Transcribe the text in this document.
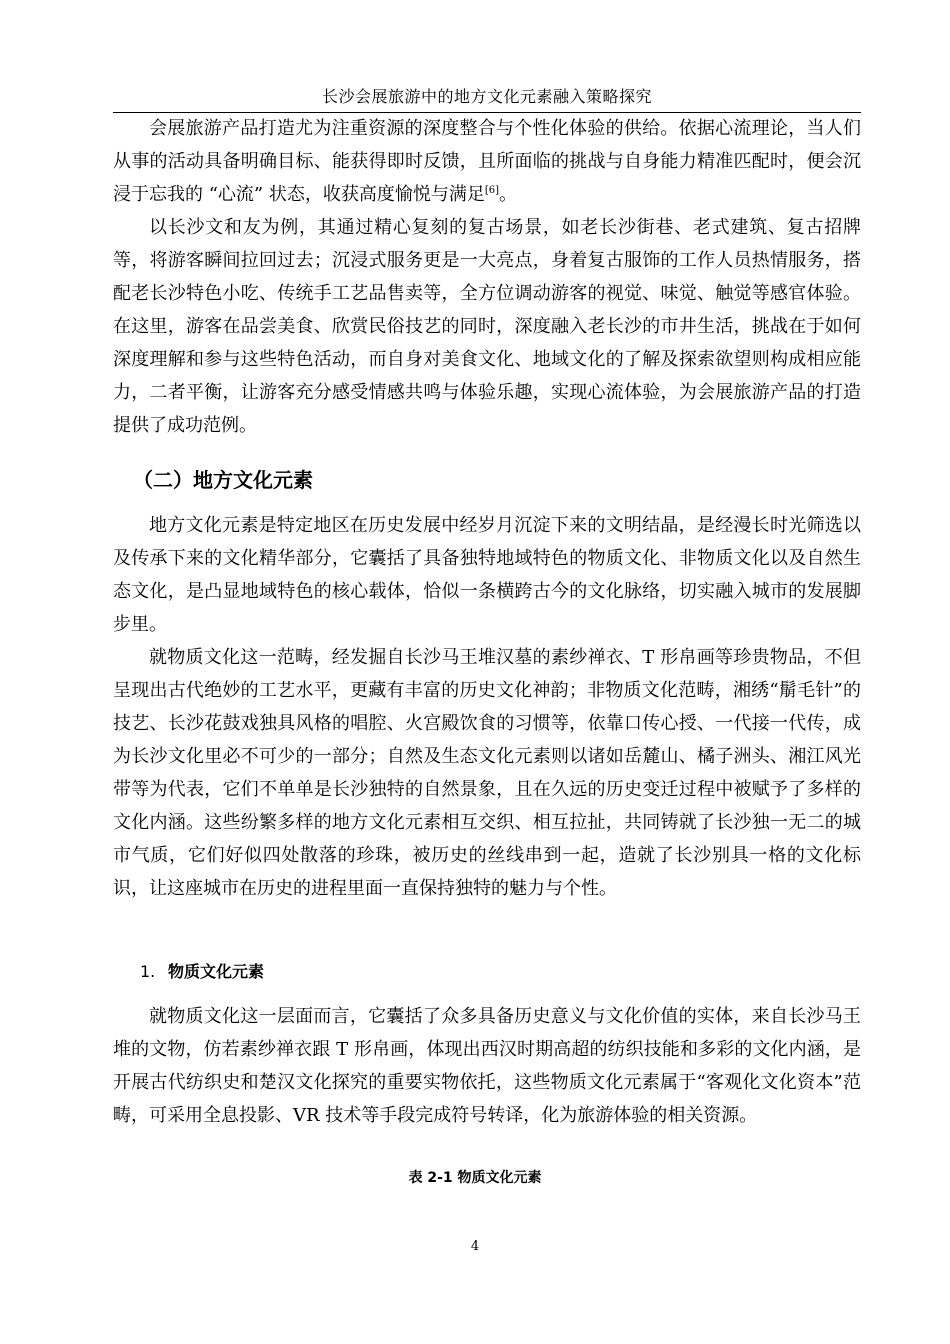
长沙会展旅游中的地方文化元素融入策略探究

会展旅游产品打造尤为注重资源的深度整合与个性化体验的供给。依据心流理论，当人们从事的活动具备明确目标、能获得即时反馈，且所面临的挑战与自身能力精准匹配时，便会沉浸于忘我的 “心流” 状态，收获高度愉悦与满足[6]。

以长沙文和友为例，其通过精心复刻的复古场景，如老长沙街巷、老式建筑、复古招牌等，将游客瞬间拉回过去；沉浸式服务更是一大亮点，身着复古服饰的工作人员热情服务，搭配老长沙特色小吃、传统手工艺品售卖等，全方位调动游客的视觉、味觉、触觉等感官体验。在这里，游客在品尝美食、欣赏民俗技艺的同时，深度融入老长沙的市井生活，挑战在于如何深度理解和参与这些特色活动，而自身对美食文化、地域文化的了解及探索欲望则构成相应能力，二者平衡，让游客充分感受情感共鸣与体验乐趣，实现心流体验，为会展旅游产品的打造提供了成功范例。

（二）地方文化元素

地方文化元素是特定地区在历史发展中经岁月沉淀下来的文明结晶，是经漫长时光筛选以及传承下来的文化精华部分，它囊括了具备独特地域特色的物质文化、非物质文化以及自然生态文化，是凸显地域特色的核心载体，恰似一条横跨古今的文化脉络，切实融入城市的发展脚步里。

就物质文化这一范畴，经发掘自长沙马王堆汉墓的素纱禅衣、T 形帛画等珍贵物品，不但呈现出古代绝妙的工艺水平，更藏有丰富的历史文化神韵；非物质文化范畴，湘绣“鬅毛针”的技艺、长沙花鼓戏独具风格的唱腔、火宫殿饮食的习惯等，依靠口传心授、一代接一代传，成为长沙文化里必不可少的一部分；自然及生态文化元素则以诸如岳麓山、橘子洲头、湘江风光带等为代表，它们不单单是长沙独特的自然景象，且在久远的历史变迁过程中被赋予了多样的文化内涵。这些纷繁多样的地方文化元素相互交织、相互拉扯，共同铸就了长沙独一无二的城市气质，它们好似四处散落的珍珠，被历史的丝线串到一起，造就了长沙别具一格的文化标识，让这座城市在历史的进程里面一直保持独特的魅力与个性。

1. 物质文化元素

就物质文化这一层面而言，它囊括了众多具备历史意义与文化价值的实体，来自长沙马王堆的文物，仿若素纱禅衣跟 T 形帛画，体现出西汉时期高超的纺织技能和多彩的文化内涵，是开展古代纺织史和楚汉文化探究的重要实物依托，这些物质文化元素属于“客观化文化资本”范畴，可采用全息投影、VR 技术等手段完成符号转译，化为旅游体验的相关资源。

表 2-1 物质文化元素
4
